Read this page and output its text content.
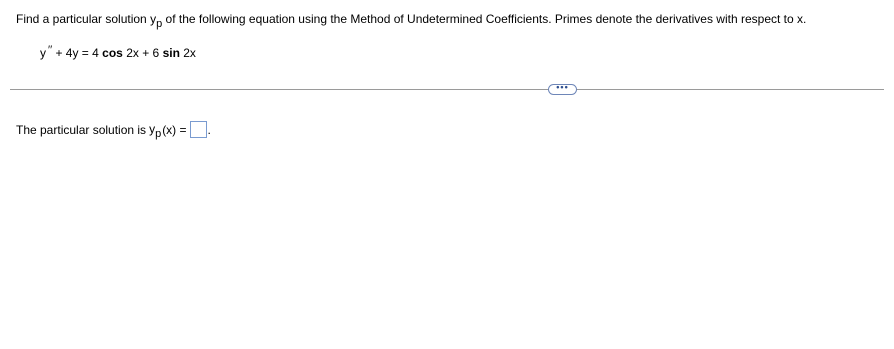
Find a particular solution yp of the following equation using the Method of Undetermined Coefficients. Primes denote the derivatives with respect to x.
y ′′ + 4y = 4 cos 2x + 6 sin 2x
•••
The particular solution is yp (x) = .
